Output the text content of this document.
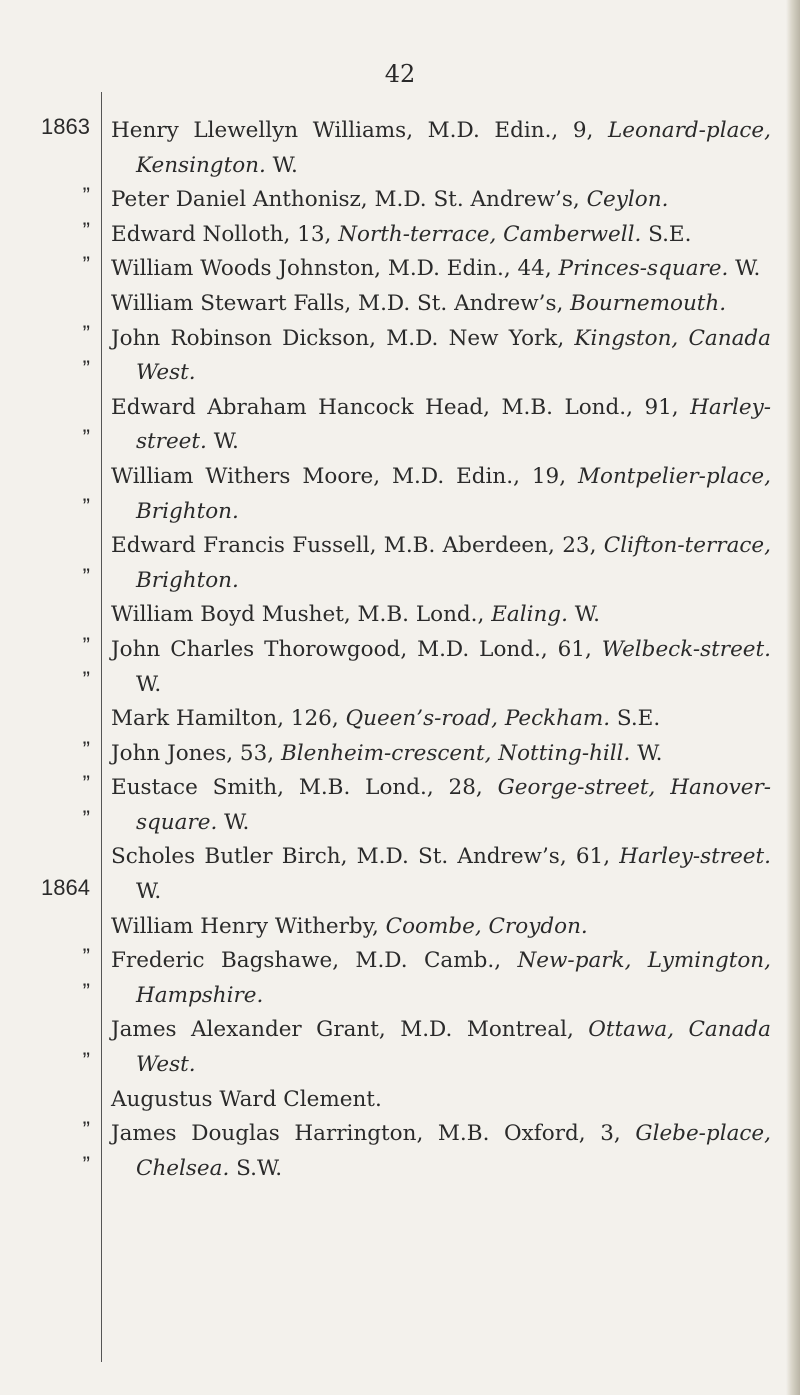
42
1863
”
”
”
”
”
”
”
”
”
”
”
”
”
1864
”
”
”
”
”

Henry Llewellyn Williams, M.D. Edin., 9, Leonard-place, Kensington. W.

Peter Daniel Anthonisz, M.D. St. Andrew’s, Ceylon.

Edward Nolloth, 13, North-terrace, Camberwell. S.E.

William Woods Johnston, M.D. Edin., 44, Princes-square. W.

William Stewart Falls, M.D. St. Andrew’s, Bournemouth.

John Robinson Dickson, M.D. New York, Kingston, Canada West.

Edward Abraham Hancock Head, M.B. Lond., 91, Harley-street. W.

William Withers Moore, M.D. Edin., 19, Montpelier-place, Brighton.

Edward Francis Fussell, M.B. Aberdeen, 23, Clifton-terrace, Brighton.

William Boyd Mushet, M.B. Lond., Ealing. W.

John Charles Thorowgood, M.D. Lond., 61, Welbeck-street. W.

Mark Hamilton, 126, Queen’s-road, Peckham. S.E.

John Jones, 53, Blenheim-crescent, Notting-hill. W.

Eustace Smith, M.B. Lond., 28, George-street, Hanover-square. W.

Scholes Butler Birch, M.D. St. Andrew’s, 61, Harley-street. W.

William Henry Witherby, Coombe, Croydon.

Frederic Bagshawe, M.D. Camb., New-park, Lymington, Hampshire.

James Alexander Grant, M.D. Montreal, Ottawa, Canada West.

Augustus Ward Clement.

James Douglas Harrington, M.B. Oxford, 3, Glebe-place, Chelsea. S.W.
